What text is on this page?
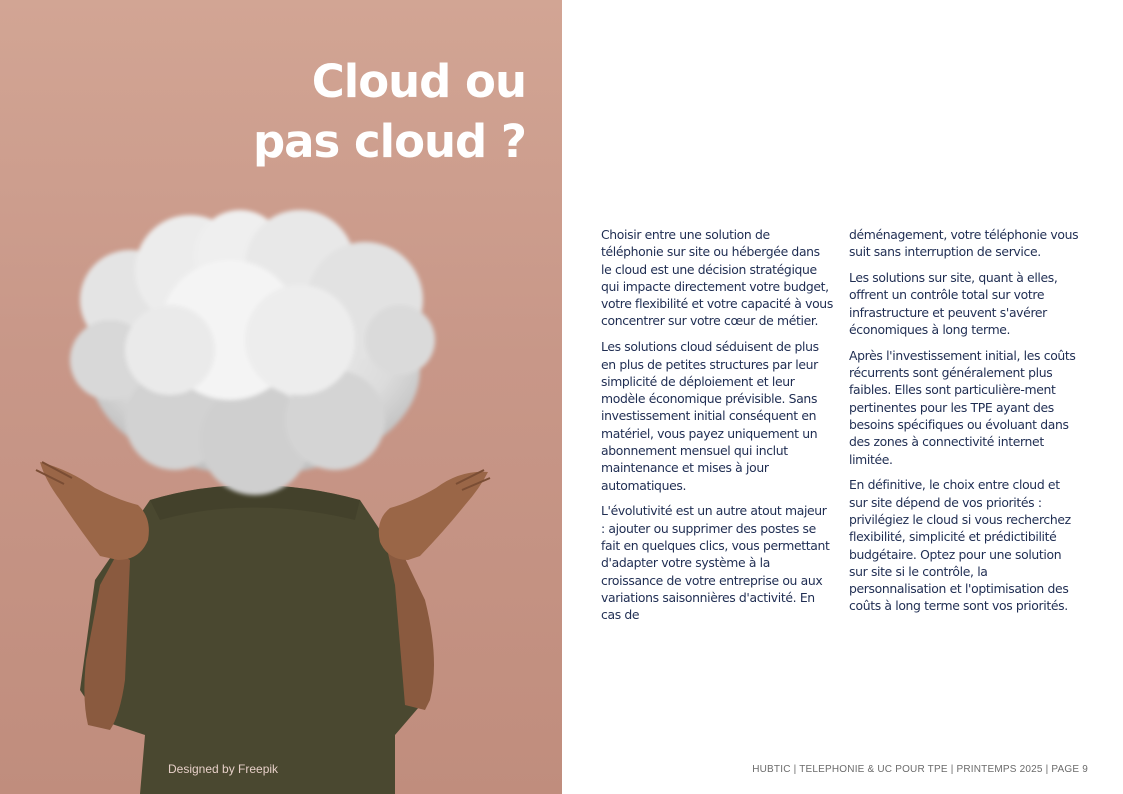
Cloud ou
pas cloud ?
Designed by Freepik

Choisir entre une solution de téléphonie sur site ou hébergée dans le cloud est une décision stratégique qui impacte directement votre budget, votre flexibilité et votre capacité à vous concentrer sur votre cœur de métier.

Les solutions cloud séduisent de plus en plus de petites structures par leur simplicité de déploiement et leur modèle économique prévisible. Sans investissement initial conséquent en matériel, vous payez uniquement un abonnement mensuel qui inclut maintenance et mises à jour automatiques.

L'évolutivité est un autre atout majeur : ajouter ou supprimer des postes se fait en quelques clics, vous permettant d'adapter votre système à la croissance de votre entreprise ou aux variations saisonnières d'activité. En cas de

déménagement, votre téléphonie vous suit sans interruption de service.

Les solutions sur site, quant à elles, offrent un contrôle total sur votre infrastructure et peuvent s'avérer économiques à long terme.

Après l'investissement initial, les coûts récurrents sont généralement plus faibles. Elles sont particulière-ment pertinentes pour les TPE ayant des besoins spécifiques ou évoluant dans des zones à connectivité internet limitée.

En définitive, le choix entre cloud et sur site dépend de vos priorités : privilégiez le cloud si vous recherchez flexibilité, simplicité et prédictibilité budgétaire. Optez pour une solution sur site si le contrôle, la personnalisation et l'optimisation des coûts à long terme sont vos priorités.

HUBTIC | TELEPHONIE & UC POUR TPE | PRINTEMPS 2025 | PAGE 9
